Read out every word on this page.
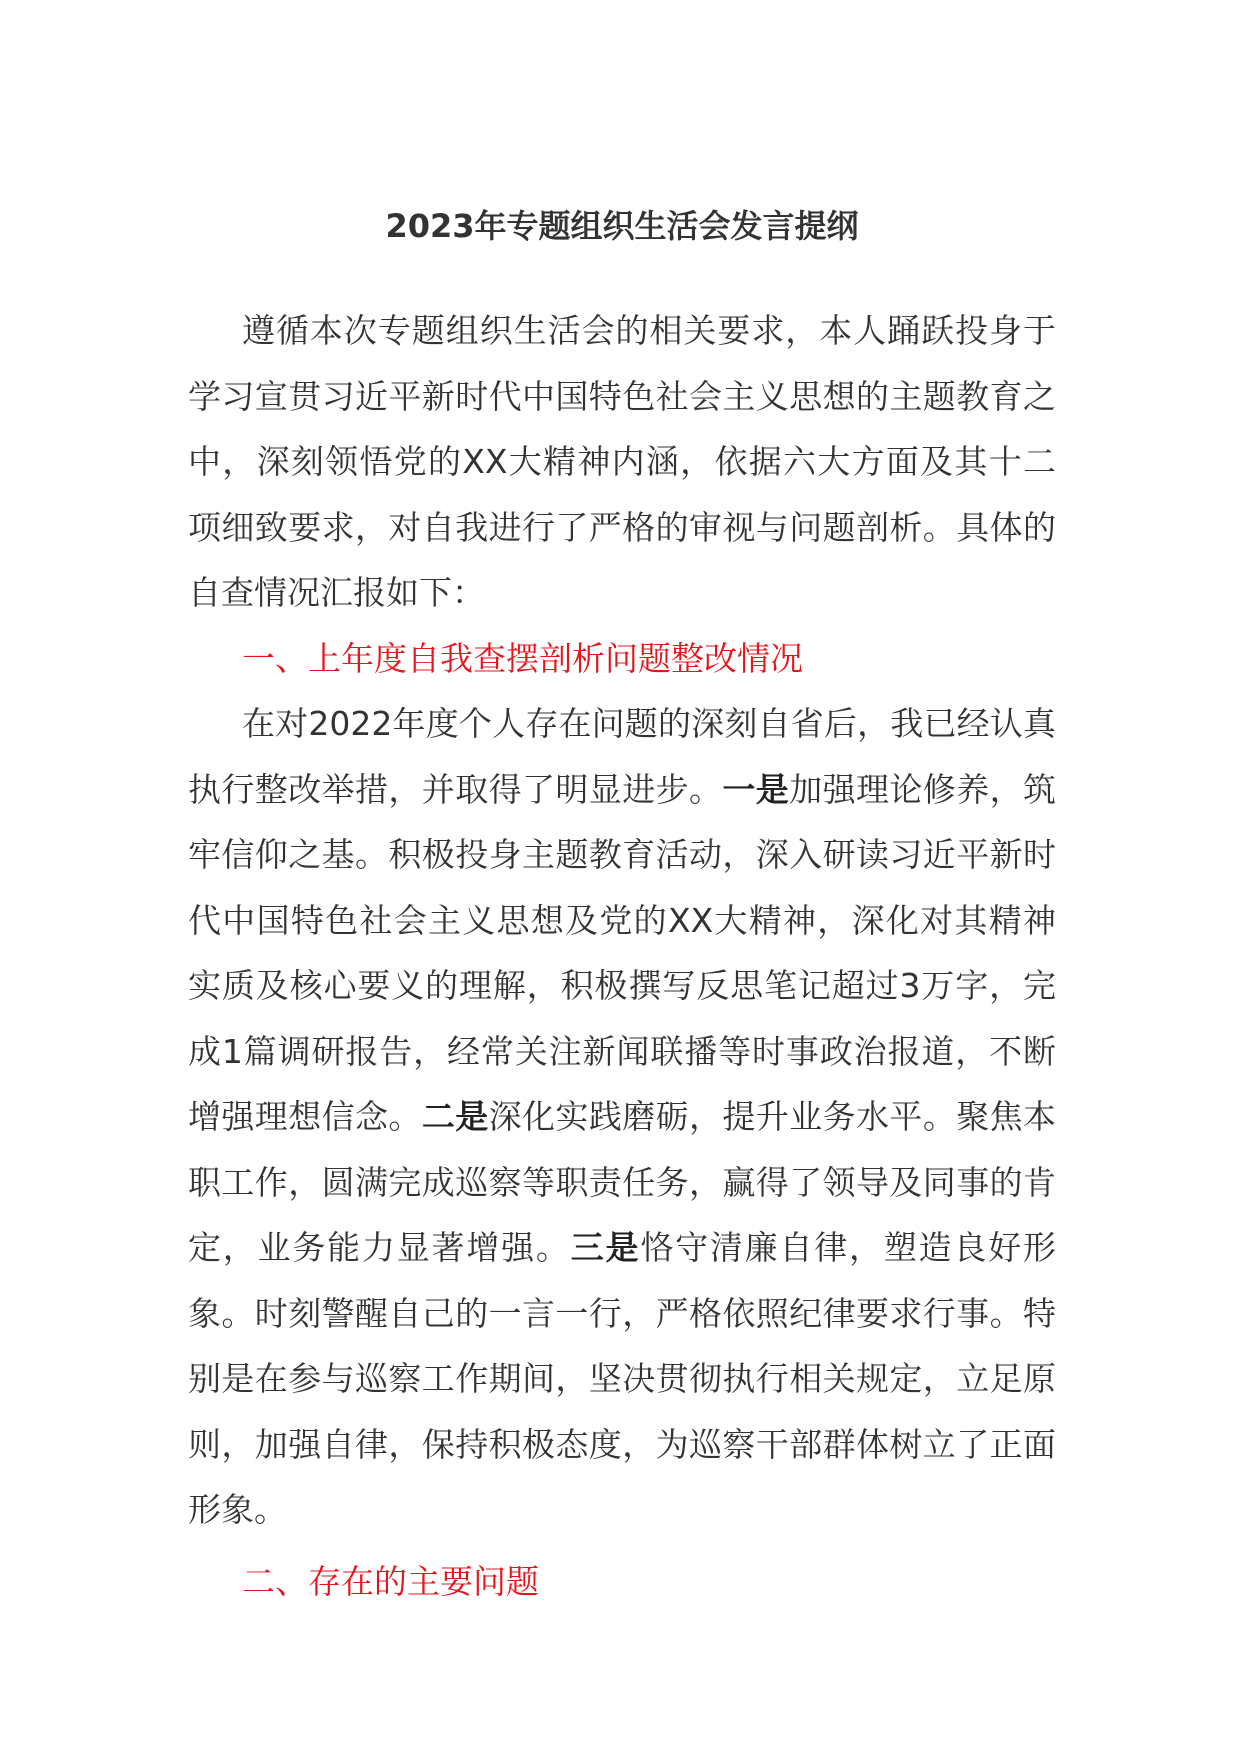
2023年专题组织生活会发言提纲

遵循本次专题组织生活会的相关要求，本人踊跃投身于学习宣贯习近平新时代中国特色社会主义思想的主题教育之中，深刻领悟党的XX大精神内涵，依据六大方面及其十二项细致要求，对自我进行了严格的审视与问题剖析。具体的自查情况汇报如下：

一、上年度自我查摆剖析问题整改情况

在对2022年度个人存在问题的深刻自省后，我已经认真执行整改举措，并取得了明显进步。一是加强理论修养，筑牢信仰之基。积极投身主题教育活动，深入研读习近平新时代中国特色社会主义思想及党的XX大精神，深化对其精神实质及核心要义的理解，积极撰写反思笔记超过3万字，完成1篇调研报告，经常关注新闻联播等时事政治报道，不断增强理想信念。二是深化实践磨砺，提升业务水平。聚焦本职工作，圆满完成巡察等职责任务，赢得了领导及同事的肯定，业务能力显著增强。三是恪守清廉自律，塑造良好形象。时刻警醒自己的一言一行，严格依照纪律要求行事。特别是在参与巡察工作期间，坚决贯彻执行相关规定，立足原则，加强自律，保持积极态度，为巡察干部群体树立了正面形象。

二、存在的主要问题
